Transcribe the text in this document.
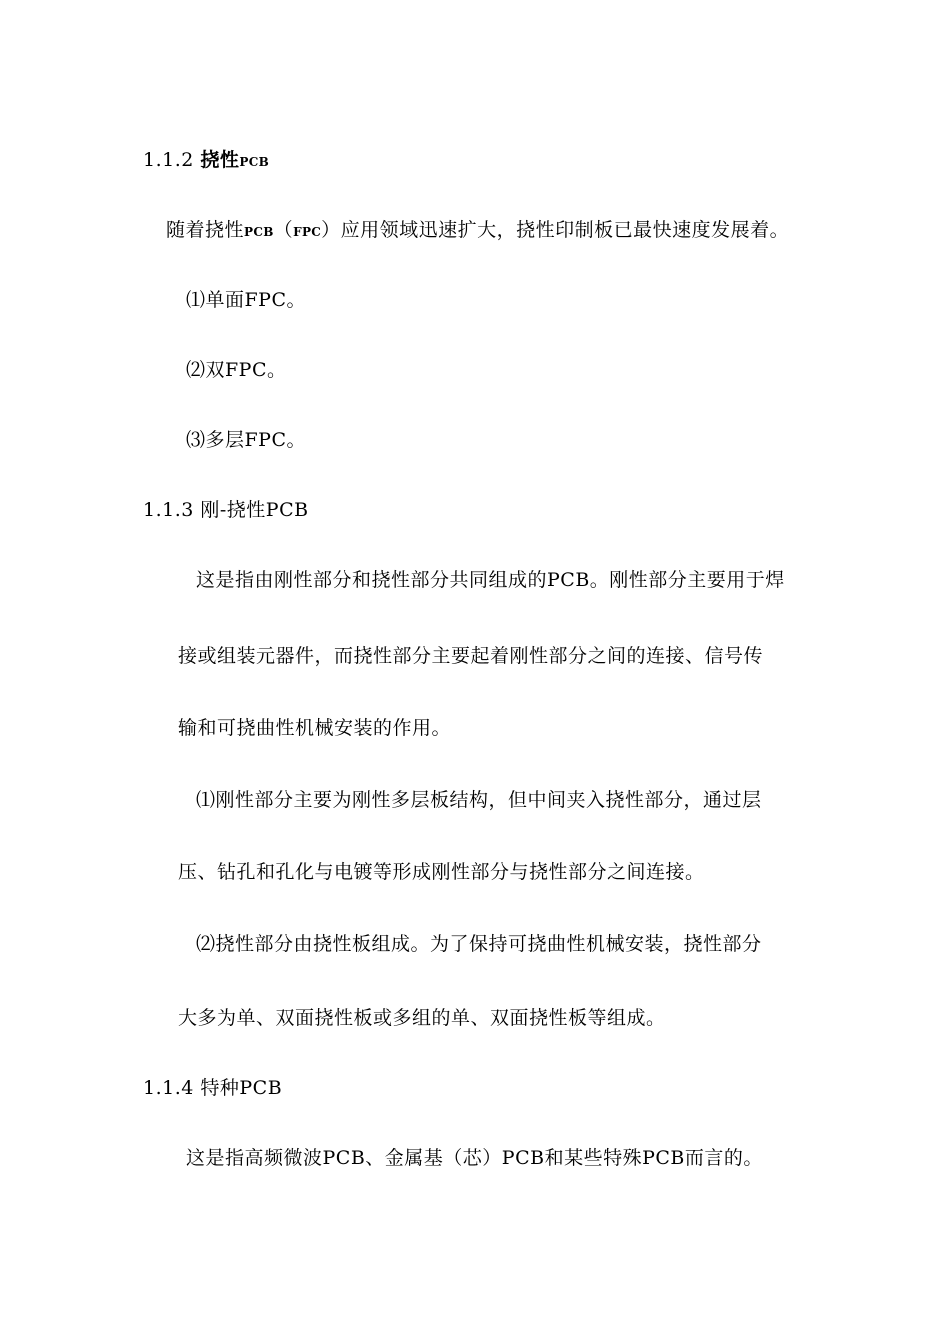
1.1.2 挠性PCB
随着挠性PCB（FPC）应用领域迅速扩大，挠性印制板已最快速度发展着。
⑴单面FPC。
⑵双FPC。
⑶多层FPC。
1.1.3 刚-挠性PCB
这是指由刚性部分和挠性部分共同组成的PCB。刚性部分主要用于焊
接或组装元器件，而挠性部分主要起着刚性部分之间的连接、信号传
输和可挠曲性机械安装的作用。
⑴刚性部分主要为刚性多层板结构，但中间夹入挠性部分，通过层
压、钻孔和孔化与电镀等形成刚性部分与挠性部分之间连接。
⑵挠性部分由挠性板组成。为了保持可挠曲性机械安装，挠性部分
大多为单、双面挠性板或多组的单、双面挠性板等组成。
1.1.4 特种PCB
这是指高频微波PCB、金属基（芯）PCB和某些特殊PCB而言的。
